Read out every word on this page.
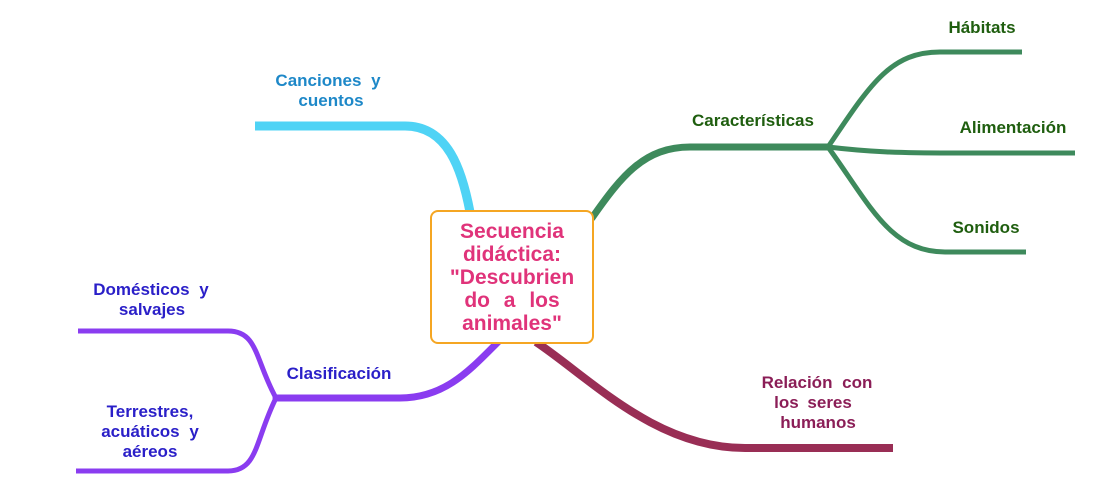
Canciones y
cuentos
Características
Hábitats
Alimentación
Sonidos
Clasificación
Domésticos y
salvajes
Terrestres,
acuáticos y
aéreos
Relación con
los seres
humanos
Secuencia
didáctica:
"Descubrien
do a los
animales"
